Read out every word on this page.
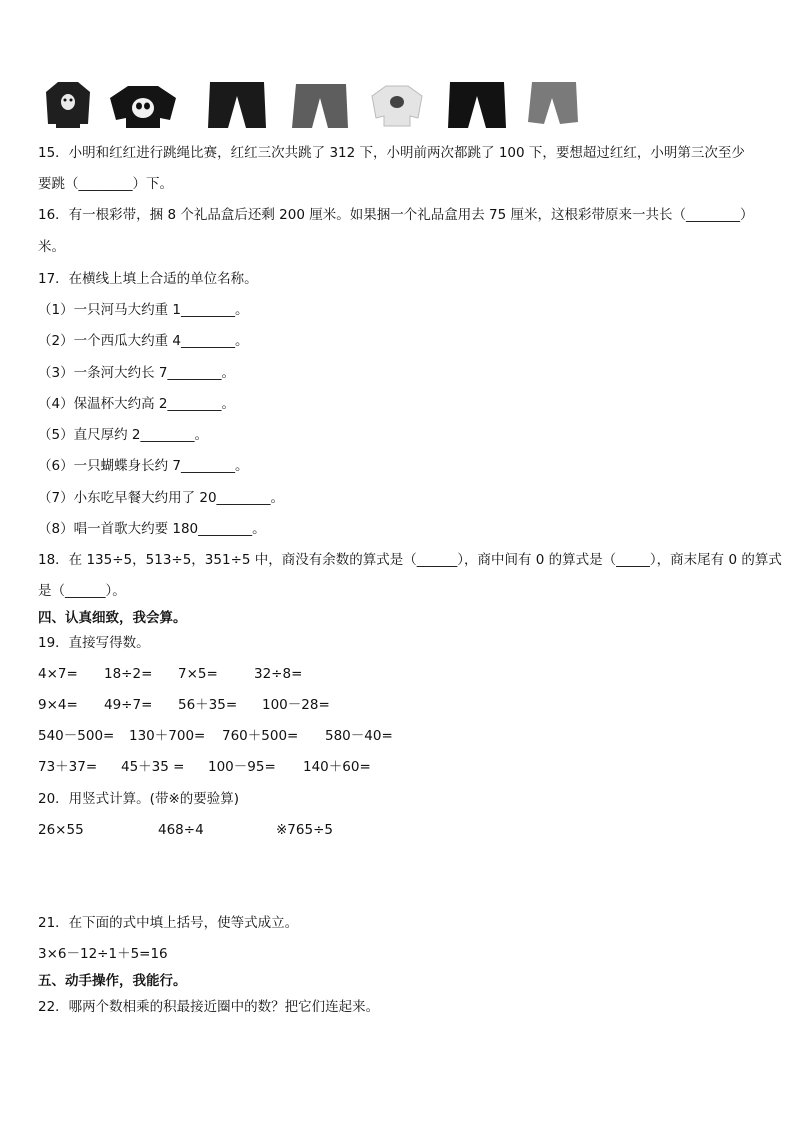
15．小明和红红进行跳绳比赛，红红三次共跳了 312 下，小明前两次都跳了 100 下，要想超过红红，小明第三次至少
要跳（________）下。
16．有一根彩带，捆 8 个礼品盒后还剩 200 厘米。如果捆一个礼品盒用去 75 厘米，这根彩带原来一共长（________）
米。
17．在横线上填上合适的单位名称。
（1）一只河马大约重 1________。
（2）一个西瓜大约重 4________。
（3）一条河大约长 7________。
（4）保温杯大约高 2________。
（5）直尺厚约 2________。
（6）一只蝴蝶身长约 7________。
（7）小东吃早餐大约用了 20________。
（8）唱一首歌大约要 180________。
18．在 135÷5，513÷5，351÷5 中，商没有余数的算式是（______），商中间有 0 的算式是（_____），商末尾有 0 的算式
是（______）。
四、认真细致，我会算。
19．直接写得数。
4×7= 18÷2= 7×5=	32÷8=
9×4= 49÷7= 56＋35= 100－28=
540－500= 130＋700= 760＋500= 580－40=
73＋37= 45＋35 = 100－95= 140＋60=
20．用竖式计算。(带※的要验算)
26×55	468÷4	※765÷5
21．在下面的式中填上括号，使等式成立。
3×6－12÷1＋5=16
五、动手操作，我能行。
22．哪两个数相乘的积最接近圈中的数？把它们连起来。
